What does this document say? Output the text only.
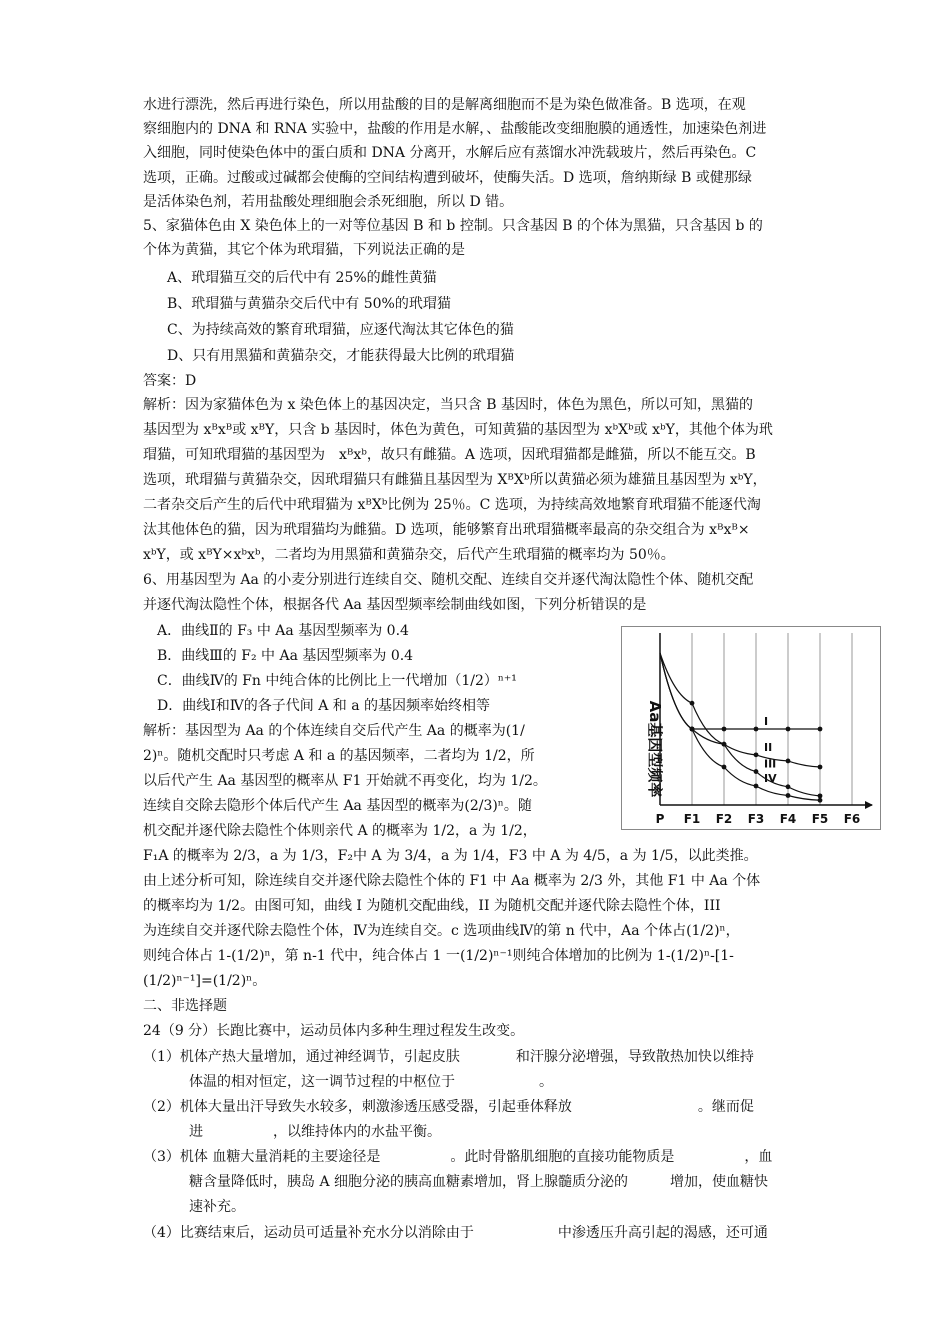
水进行漂洗，然后再进行染色，所以用盐酸的目的是解离细胞而不是为染色做准备。B 选项，在观
察细胞内的 DNA 和 RNA 实验中，盐酸的作用是水解，、盐酸能改变细胞膜的通透性，加速染色剂进
入细胞，同时使染色体中的蛋白质和 DNA 分离开，水解后应有蒸馏水冲洗载玻片，然后再染色。C
选项，正确。过酸或过碱都会使酶的空间结构遭到破坏，使酶失活。D 选项，詹纳斯绿 B 或健那绿
是活体染色剂，若用盐酸处理细胞会杀死细胞，所以 D 错。
5、家猫体色由 X 染色体上的一对等位基因 B 和 b 控制。只含基因 B 的个体为黑猫，只含基因 b 的
个体为黄猫，其它个体为玳瑁猫，下列说法正确的是
A、玳瑁猫互交的后代中有 25%的雌性黄猫
B、玳瑁猫与黄猫杂交后代中有 50%的玳瑁猫
C、为持续高效的繁育玳瑁猫，应逐代淘汰其它体色的猫
D、只有用黑猫和黄猫杂交，才能获得最大比例的玳瑁猫
答案：D
解析：因为家猫体色为 x 染色体上的基因决定，当只含 B 基因时，体色为黑色，所以可知，黑猫的
基因型为 xᴮxᴮ或 xᴮY，只含 b 基因时，体色为黄色，可知黄猫的基因型为 xᵇXᵇ或 xᵇY，其他个体为玳
瑁猫，可知玳瑁猫的基因型为　xᴮxᵇ，故只有雌猫。A 选项，因玳瑁猫都是雌猫，所以不能互交。B
选项，玳瑁猫与黄猫杂交，因玳瑁猫只有雌猫且基因型为 XᴮXᵇ所以黄猫必须为雄猫且基因型为 xᵇY，
二者杂交后产生的后代中玳瑁猫为 xᴮXᵇ比例为 25％。C 选项，为持续高效地繁育玳瑁猫不能逐代淘
汰其他体色的猫，因为玳瑁猫均为雌猫。D 选项，能够繁育出玳瑁猫概率最高的杂交组合为 xᴮxᴮ×
xᵇY，或 xᴮY×xᵇxᵇ，二者均为用黑猫和黄猫杂交，后代产生玳瑁猫的概率均为 50％。
6、用基因型为 Aa 的小麦分别进行连续自交、随机交配、连续自交并逐代淘汰隐性个体、随机交配
并逐代淘汰隐性个体，根据各代 Aa 基因型频率绘制曲线如图，下列分析错误的是
A．曲线Ⅱ的 F₃ 中 Aa 基因型频率为 0.4
B．曲线Ⅲ的 F₂ 中 Aa 基因型频率为 0.4
C．曲线Ⅳ的 Fn 中纯合体的比例比上一代增加（1/2）ⁿ⁺¹
D．曲线Ⅰ和Ⅳ的各子代间 A 和 a 的基因频率始终相等
解析：基因型为 Aa 的个体连续自交后代产生 Aa 的概率为(1/
2)ⁿ。随机交配时只考虑 A 和 a 的基因频率，二者均为 1/2，所
以后代产生 Aa 基因型的概率从 F1 开始就不再变化，均为 1/2。
连续自交除去隐形个体后代产生 Aa 基因型的概率为(2/3)ⁿ。随
机交配并逐代除去隐性个体则亲代 A 的概率为 1/2，a 为 1/2，
F₁A 的概率为 2/3，a 为 1/3，F₂中 A 为 3/4，a 为 1/4，F3 中 A 为 4/5，a 为 1/5，以此类推。
由上述分析可知，除连续自交并逐代除去隐性个体的 F1 中 Aa 概率为 2/3 外，其他 F1 中 Aa 个体
的概率均为 1/2。由图可知，曲线 I 为随机交配曲线，II 为随机交配并逐代除去隐性个体，III
为连续自交并逐代除去隐性个体，Ⅳ为连续自交。c 选项曲线Ⅳ的第 n 代中，Aa 个体占(1/2)ⁿ，
则纯合体占 1-(1/2)ⁿ，第 n-1 代中，纯合体占 1 一(1/2)ⁿ⁻¹则纯合体增加的比例为 1-(1/2)ⁿ-[1-
(1/2)ⁿ⁻¹]=(1/2)ⁿ。
二、非选择题
24（9 分）长跑比赛中，运动员体内多种生理过程发生改变。
（1）机体产热大量增加，通过神经调节，引起皮肤　　　　和汗腺分泌增强，导致散热加快以维持
体温的相对恒定，这一调节过程的中枢位于　　　　　　。
（2）机体大量出汗导致失水较多，刺激渗透压感受器，引起垂体释放　　　　　　　　　。继而促
进　　　　　，以维持体内的水盐平衡。
（3）机体 血糖大量消耗的主要途径是　　　　　。此时骨骼肌细胞的直接功能物质是　　　　　，血
糖含量降低时，胰岛 A 细胞分泌的胰高血糖素增加，肾上腺髓质分泌的　　　增加，使血糖快
速补充。
（4）比赛结束后，运动员可适量补充水分以消除由于　　　　　　中渗透压升高引起的渴感，还可通
Aa基因型频率
P F1 F2 F3 F4 F5 F6
I
II
III
IV
